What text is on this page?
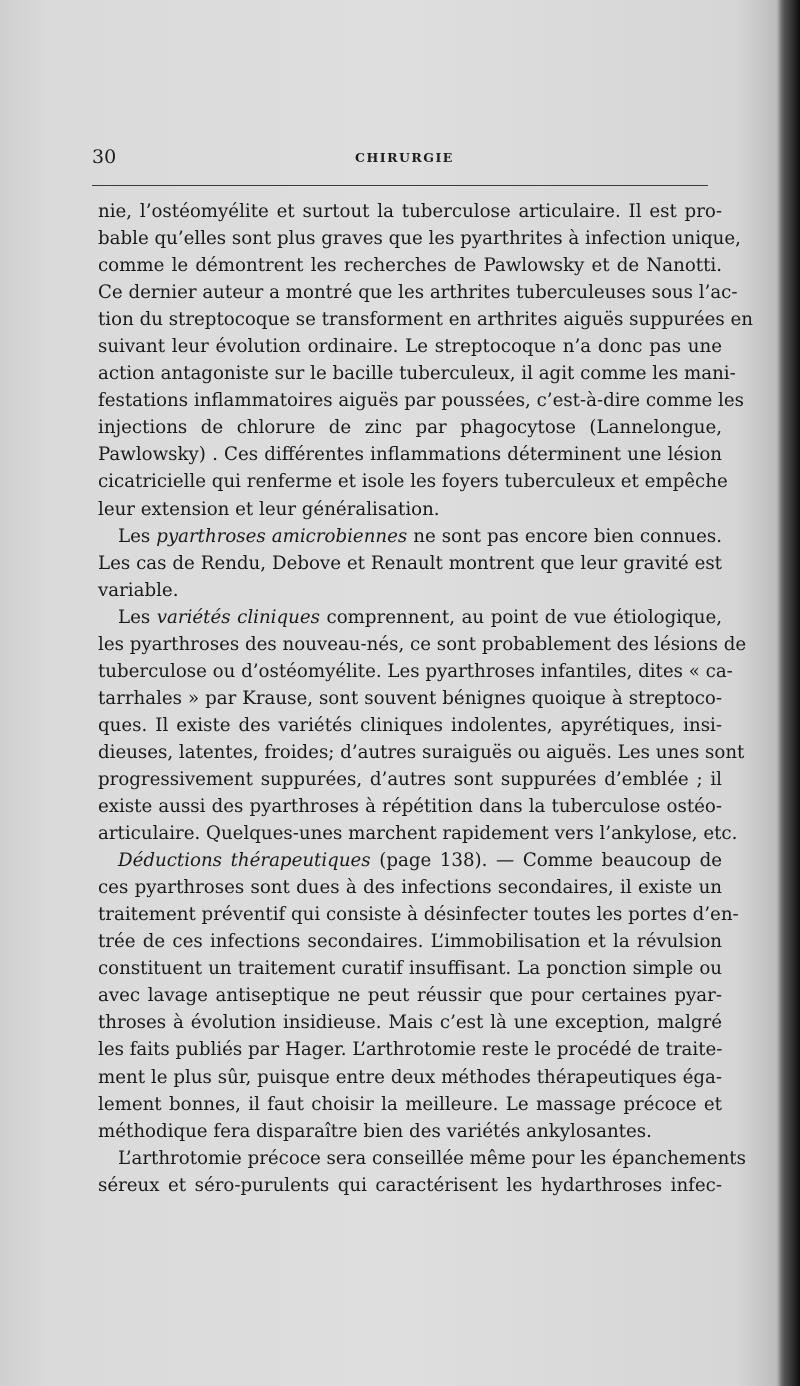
30	CHIRURGIE
nie, l’ostéomyélite et surtout la tuberculose articulaire. Il est pro-
bable qu’elles sont plus graves que les pyarthrites à infection unique,
comme le démontrent les recherches de Pawlowsky et de Nanotti.
Ce dernier auteur a montré que les arthrites tuberculeuses sous l’ac-
tion du streptocoque se transforment en arthrites aiguës suppurées en
suivant leur évolution ordinaire. Le streptocoque n’a donc pas une
action antagoniste sur le bacille tuberculeux, il agit comme les mani-
festations inflammatoires aiguës par poussées, c’est-à-dire comme les
injections de chlorure de zinc par phagocytose (Lannelongue,
Pawlowsky) . Ces différentes inflammations déterminent une lésion
cicatricielle qui renferme et isole les foyers tuberculeux et empêche
leur extension et leur généralisation.
Les pyarthroses amicrobiennes ne sont pas encore bien connues.
Les cas de Rendu, Debove et Renault montrent que leur gravité est
variable.
Les variétés cliniques comprennent, au point de vue étiologique,
les pyarthroses des nouveau-nés, ce sont probablement des lésions de
tuberculose ou d’ostéomyélite. Les pyarthroses infantiles, dites « ca-
tarrhales » par Krause, sont souvent bénignes quoique à streptoco-
ques. Il existe des variétés cliniques indolentes, apyrétiques, insi-
dieuses, latentes, froides; d’autres suraiguës ou aiguës. Les unes sont
progressivement suppurées, d’autres sont suppurées d’emblée ; il
existe aussi des pyarthroses à répétition dans la tuberculose ostéo-
articulaire. Quelques-unes marchent rapidement vers l’ankylose, etc.
Déductions thérapeutiques (page 138). — Comme beaucoup de
ces pyarthroses sont dues à des infections secondaires, il existe un
traitement préventif qui consiste à désinfecter toutes les portes d’en-
trée de ces infections secondaires. L’immobilisation et la révulsion
constituent un traitement curatif insuffisant. La ponction simple ou
avec lavage antiseptique ne peut réussir que pour certaines pyar-
throses à évolution insidieuse. Mais c’est là une exception, malgré
les faits publiés par Hager. L’arthrotomie reste le procédé de traite-
ment le plus sûr, puisque entre deux méthodes thérapeutiques éga-
lement bonnes, il faut choisir la meilleure. Le massage précoce et
méthodique fera disparaître bien des variétés ankylosantes.
L’arthrotomie précoce sera conseillée même pour les épanchements
séreux et séro-purulents qui caractérisent les hydarthroses infec-
